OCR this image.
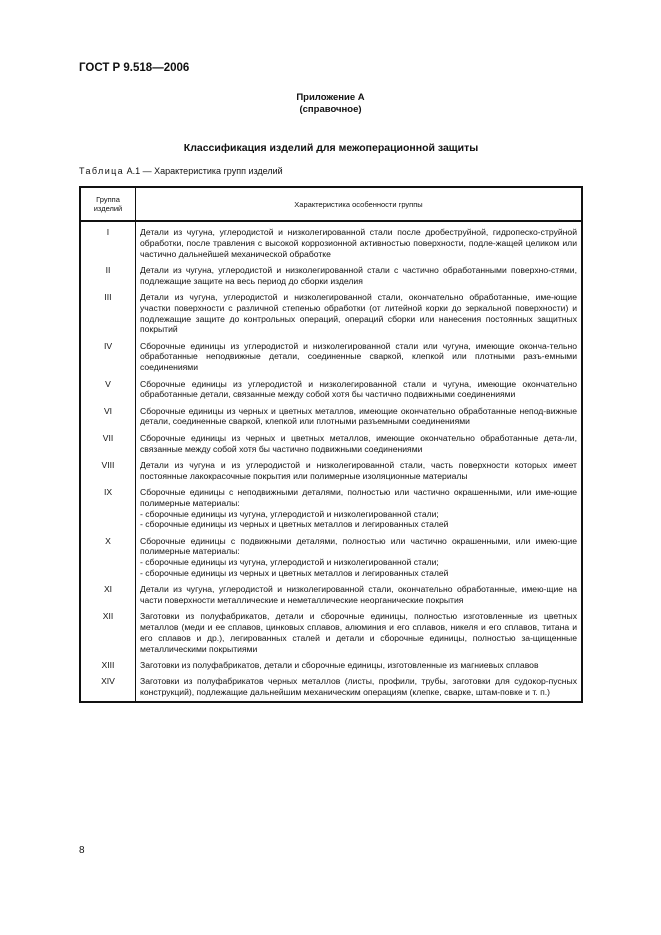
ГОСТ Р 9.518—2006
Приложение А
(справочное)
Классификация изделий для межоперационной защиты
Таблица А.1 — Характеристика групп изделий
Группа
изделий	Характеристика особенности группы
I	Детали из чугуна, углеродистой и низколегированной стали после дробеструйной, гидропеско-струйной обработки, после травления с высокой коррозионной активностью поверхности, подле-жащей целиком или частично дальнейшей механической обработке

II	Детали из чугуна, углеродистой и низколегированной стали с частично обработанными поверхно-стями, подлежащие защите на весь период до сборки изделия

III	Детали из чугуна, углеродистой и низколегированной стали, окончательно обработанные, име-ющие участки поверхности с различной степенью обработки (от литейной корки до зеркальной поверхности) и подлежащие защите до контрольных операций, операций сборки или нанесения постоянных защитных покрытий

IV	Сборочные единицы из углеродистой и низколегированной стали или чугуна, имеющие оконча-тельно обработанные неподвижные детали, соединенные сваркой, клепкой или плотными разъ-емными соединениями

V	Сборочные единицы из углеродистой и низколегированной стали и чугуна, имеющие окончательно обработанные детали, связанные между собой хотя бы частично подвижными соединениями

VI	Сборочные единицы из черных и цветных металлов, имеющие окончательно обработанные непод-вижные детали, соединенные сваркой, клепкой или плотными разъемными соединениями

VII	Сборочные единицы из черных и цветных металлов, имеющие окончательно обработанные дета-ли, связанные между собой хотя бы частично подвижными соединениями

VIII	Детали из чугуна и из углеродистой и низколегированной стали, часть поверхности которых имеет постоянные лакокрасочные покрытия или полимерные изоляционные материалы

IX	Сборочные единицы с неподвижными деталями, полностью или частично окрашенными, или име-ющие полимерные материалы:
- сборочные единицы из чугуна, углеродистой и низколегированной стали;
- сборочные единицы из черных и цветных металлов и легированных сталей

X	Сборочные единицы с подвижными деталями, полностью или частично окрашенными, или имею-щие полимерные материалы:
- сборочные единицы из чугуна, углеродистой и низколегированной стали;
- сборочные единицы из черных и цветных металлов и легированных сталей

XI	Детали из чугуна, углеродистой и низколегированной стали, окончательно обработанные, имею-щие на части поверхности металлические и неметаллические неорганические покрытия

XII	Заготовки из полуфабрикатов, детали и сборочные единицы, полностью изготовленные из цветных металлов (меди и ее сплавов, цинковых сплавов, алюминия и его сплавов, никеля и его сплавов, титана и его сплавов и др.), легированных сталей и детали и сборочные единицы, полностью за-щищенные металлическими покрытиями

XIII	Заготовки из полуфабрикатов, детали и сборочные единицы, изготовленные из магниевых сплавов

XIV	Заготовки из полуфабрикатов черных металлов (листы, профили, трубы, заготовки для судокор-пусных конструкций), подлежащие дальнейшим механическим операциям (клепке, сварке, штам-повке и т. п.)
8
